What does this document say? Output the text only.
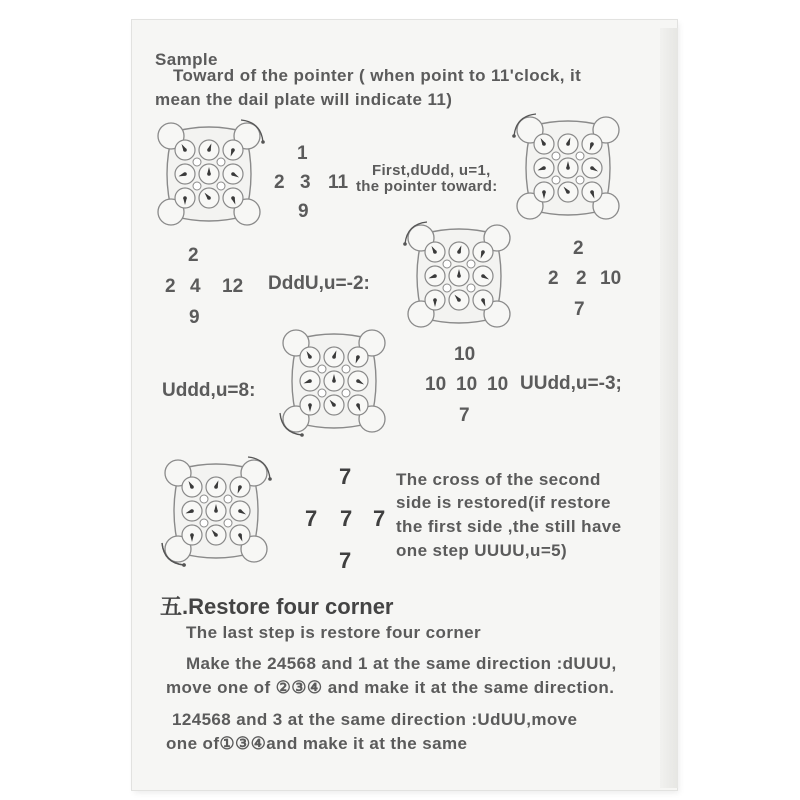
Sample
Toward of the pointer ( when point to 11'clock, it
mean the dail plate will indicate 11)
1
2 3 11
9
First,dUdd, u=1,
the pointer toward:
2
2 4 12
9
DddU,u=-2:
2
2 2 10
7
Uddd,u=8:
10
10 10 10 UUdd,u=-3;
7
7
7 7 7
7
The cross of the second
side is restored(if restore
the first side ,the still have
one step UUUU,u=5)
五.Restore four corner
The last step is restore four corner
Make the 24568 and 1 at the same direction :dUUU,
move one of ②③④ and make it at the same direction.
124568 and 3 at the same direction :UdUU,move
one of①③④and make it at the same
